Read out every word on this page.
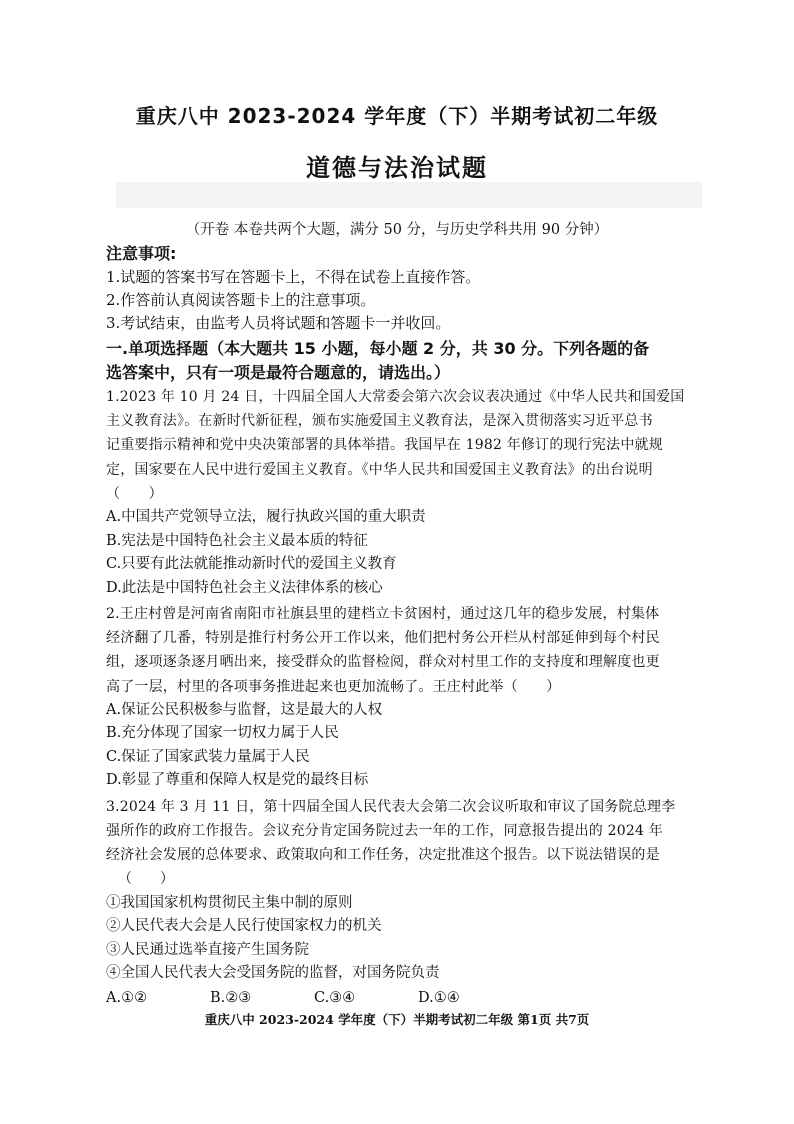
重庆八中 2023-2024 学年度（下）半期考试初二年级
道德与法治试题
（开卷 本卷共两个大题，满分 50 分，与历史学科共用 90 分钟）
注意事项:
1.试题的答案书写在答题卡上，不得在试卷上直接作答。
2.作答前认真阅读答题卡上的注意事项。
3.考试结束，由监考人员将试题和答题卡一并收回。
一.单项选择题（本大题共 15 小题，每小题 2 分，共 30 分。下列各题的备
选答案中，只有一项是最符合题意的，请选出。）
1.2023 年 10 月 24 日，十四届全国人大常委会第六次会议表决通过《中华人民共和国爱国
主义教育法》。在新时代新征程，颁布实施爱国主义教育法，是深入贯彻落实习近平总书
记重要指示精神和党中央决策部署的具体举措。我国早在 1982 年修订的现行宪法中就规
定，国家要在人民中进行爱国主义教育。《中华人民共和国爱国主义教育法》的出台说明
（　　）
A.中国共产党领导立法，履行执政兴国的重大职责
B.宪法是中国特色社会主义最本质的特征
C.只要有此法就能推动新时代的爱国主义教育
D.此法是中国特色社会主义法律体系的核心
2.王庄村曾是河南省南阳市社旗县里的建档立卡贫困村，通过这几年的稳步发展，村集体
经济翻了几番，特别是推行村务公开工作以来，他们把村务公开栏从村部延伸到每个村民
组，逐项逐条逐月晒出来，接受群众的监督检阅，群众对村里工作的支持度和理解度也更
高了一层，村里的各项事务推进起来也更加流畅了。王庄村此举（　　）
A.保证公民积极参与监督，这是最大的人权
B.充分体现了国家一切权力属于人民
C.保证了国家武装力量属于人民
D.彰显了尊重和保障人权是党的最终目标
3.2024 年 3 月 11 日，第十四届全国人民代表大会第二次会议听取和审议了国务院总理李
强所作的政府工作报告。会议充分肯定国务院过去一年的工作，同意报告提出的 2024 年
经济社会发展的总体要求、政策取向和工作任务，决定批准这个报告。以下说法错误的是
（　　）
①我国国家机构贯彻民主集中制的原则
②人民代表大会是人民行使国家权力的机关
③人民通过选举直接产生国务院
④全国人民代表大会受国务院的监督，对国务院负责
A.①②	B.②③	C.③④	D.①④
重庆八中 2023-2024 学年度（下）半期考试初二年级 第1页 共7页
